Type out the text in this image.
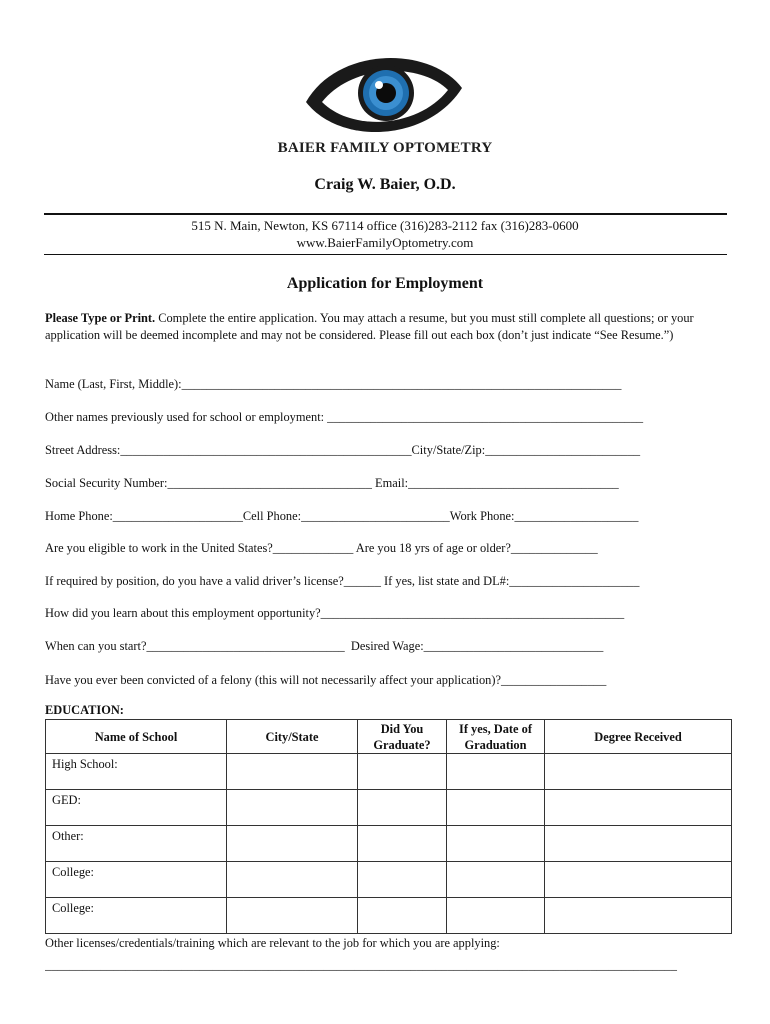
BAIER FAMILY OPTOMETRY
Craig W. Baier, O.D.
515 N. Main, Newton, KS 67114 office (316)283-2112 fax (316)283-0600
www.BaierFamilyOptometry.com
Application for Employment
Please Type or Print. Complete the entire application. You may attach a resume, but you must still complete all questions; or your application will be deemed incomplete and may not be considered. Please fill out each box (don’t just indicate “See Resume.”)
Name (Last, First, Middle):_______________________________________________________________________
Other names previously used for school or employment: ___________________________________________________
Street Address:_______________________________________________City/State/Zip:_________________________
Social Security Number:_________________________________ Email:__________________________________
Home Phone:_____________________Cell Phone:________________________Work Phone:____________________
Are you eligible to work in the United States?_____________ Are you 18 yrs of age or older?______________
If required by position, do you have a valid driver’s license?______ If yes, list state and DL#:_____________________
How did you learn about this employment opportunity?_________________________________________________
When can you start?________________________________  Desired Wage:_____________________________
Have you ever been convicted of a felony (this will not necessarily affect your application)?_________________
EDUCATION:
Name of School	City/State	Did You Graduate?	If yes, Date of Graduation	Degree Received
High School:				
GED:				
Other:				
College:				
College:				
Other licenses/credentials/training which are relevant to the job for which you are applying:
______________________________________________________________________________________________________
